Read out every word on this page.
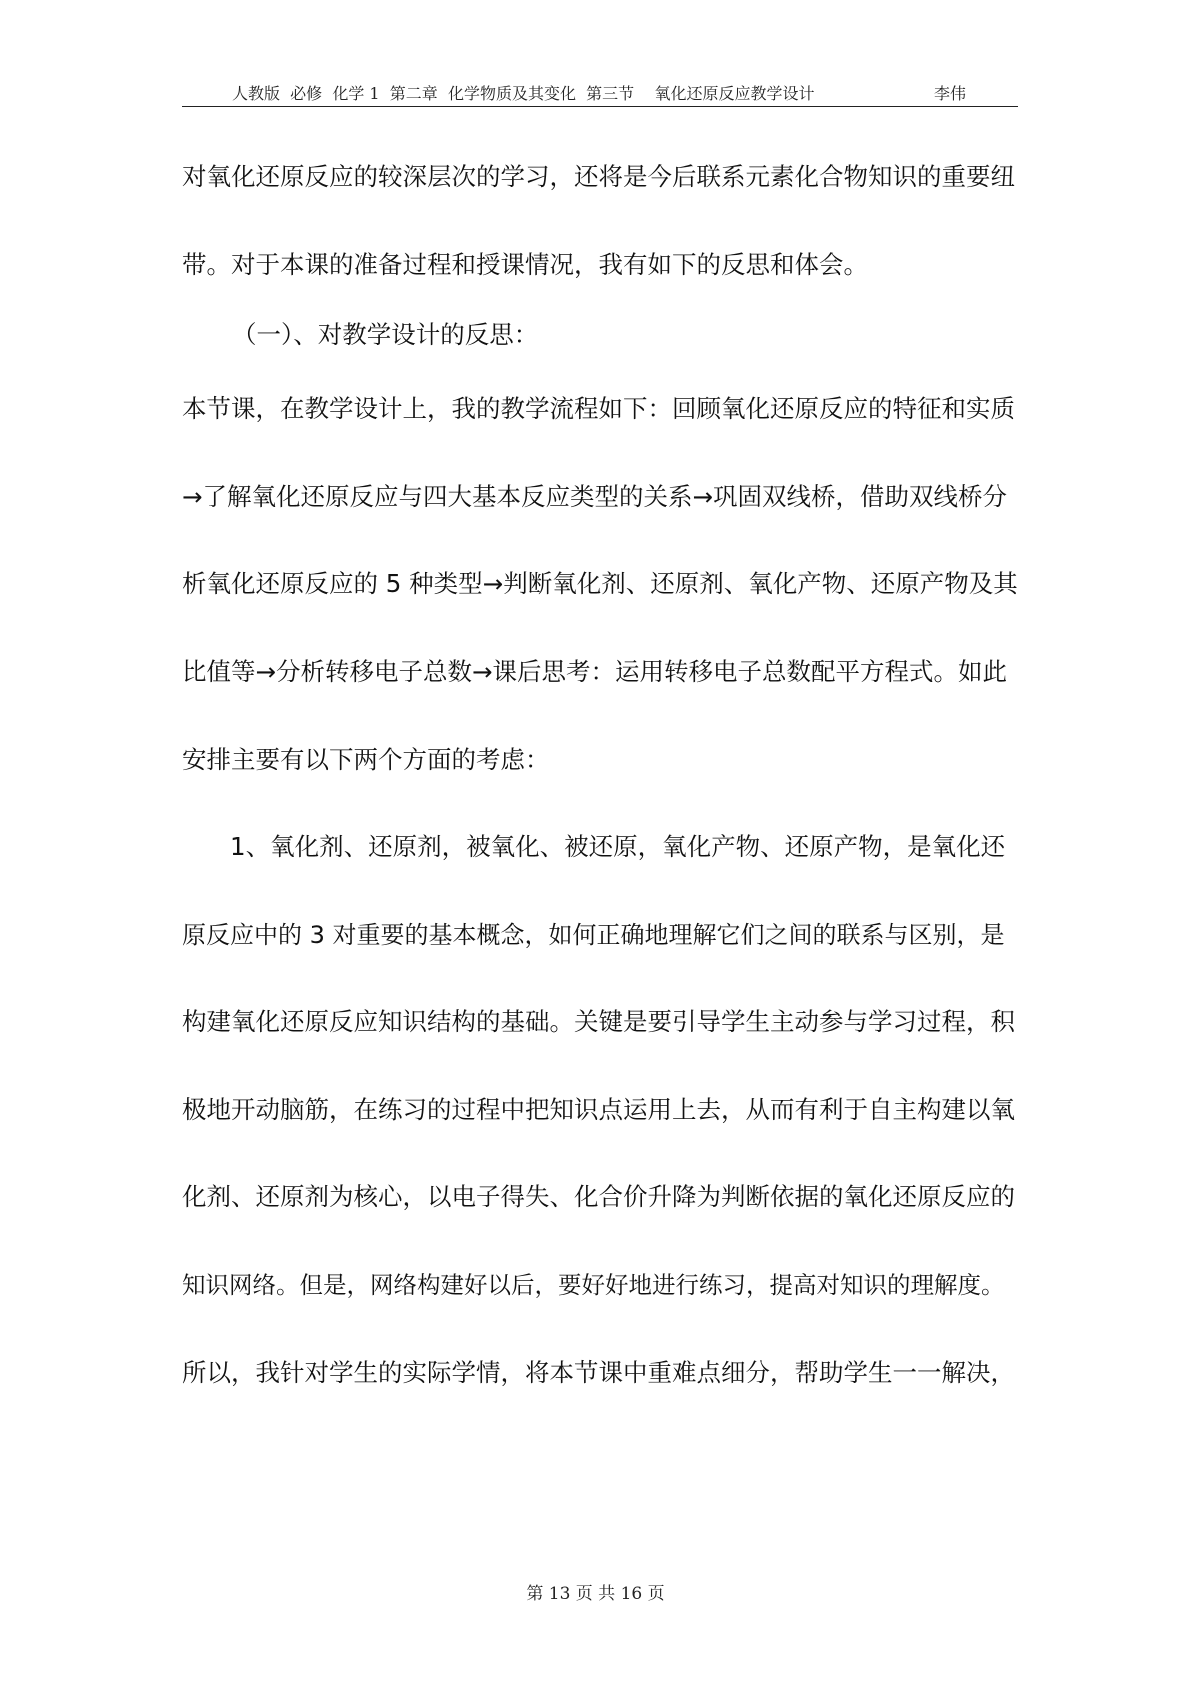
人教版  必修  化学 1  第二章  化学物质及其变化  第三节    氧化还原反应教学设计	李伟
对氧化还原反应的较深层次的学习，还将是今后联系元素化合物知识的重要纽
带。对于本课的准备过程和授课情况，我有如下的反思和体会。
（一）、对教学设计的反思：
本节课，在教学设计上，我的教学流程如下：回顾氧化还原反应的特征和实质
→了解氧化还原反应与四大基本反应类型的关系→巩固双线桥，借助双线桥分
析氧化还原反应的 5 种类型→判断氧化剂、还原剂、氧化产物、还原产物及其
比值等→分析转移电子总数→课后思考：运用转移电子总数配平方程式。如此
安排主要有以下两个方面的考虑：
1、氧化剂、还原剂，被氧化、被还原，氧化产物、还原产物，是氧化还
原反应中的 3 对重要的基本概念，如何正确地理解它们之间的联系与区别，是
构建氧化还原反应知识结构的基础。关键是要引导学生主动参与学习过程，积
极地开动脑筋，在练习的过程中把知识点运用上去，从而有利于自主构建以氧
化剂、还原剂为核心，以电子得失、化合价升降为判断依据的氧化还原反应的
知识网络。但是，网络构建好以后，要好好地进行练习，提高对知识的理解度。
所以，我针对学生的实际学情，将本节课中重难点细分，帮助学生一一解决，
第 13 页 共 16 页
